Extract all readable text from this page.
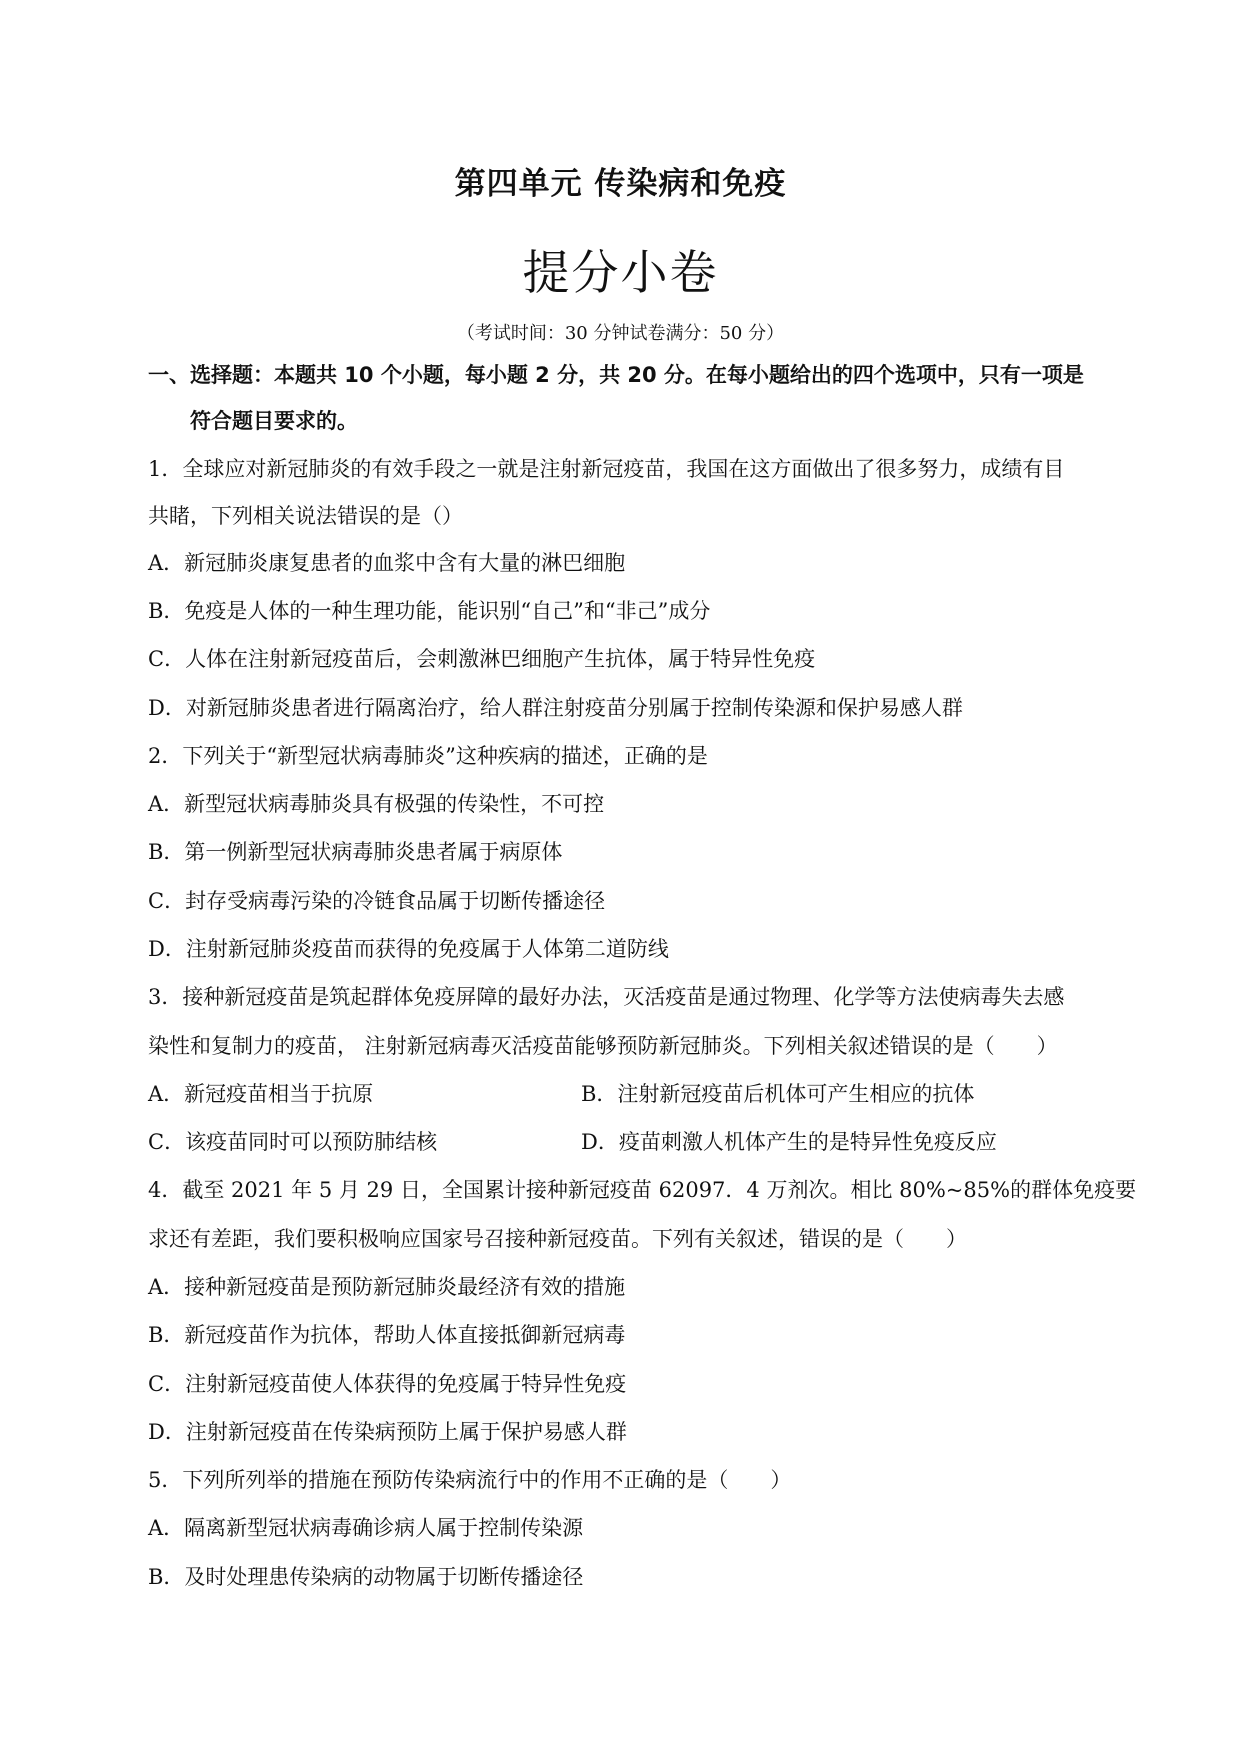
第四单元 传染病和免疫
提分小卷
（考试时间：30 分钟试卷满分：50 分）
一、选择题：本题共 10 个小题，每小题 2 分，共 20 分。在每小题给出的四个选项中，只有一项是
符合题目要求的。
1．全球应对新冠肺炎的有效手段之一就是注射新冠疫苗，我国在这方面做出了很多努力，成绩有目
共睹，下列相关说法错误的是（）
A．新冠肺炎康复患者的血浆中含有大量的淋巴细胞
B．免疫是人体的一种生理功能，能识别“自己”和“非己”成分
C．人体在注射新冠疫苗后，会刺激淋巴细胞产生抗体，属于特异性免疫
D．对新冠肺炎患者进行隔离治疗，给人群注射疫苗分别属于控制传染源和保护易感人群
2．下列关于“新型冠状病毒肺炎”这种疾病的描述，正确的是
A．新型冠状病毒肺炎具有极强的传染性，不可控
B．第一例新型冠状病毒肺炎患者属于病原体
C．封存受病毒污染的冷链食品属于切断传播途径
D．注射新冠肺炎疫苗而获得的免疫属于人体第二道防线
3．接种新冠疫苗是筑起群体免疫屏障的最好办法，灭活疫苗是通过物理、化学等方法使病毒失去感
染性和复制力的疫苗， 注射新冠病毒灭活疫苗能够预防新冠肺炎。下列相关叙述错误的是（　　）
A．新冠疫苗相当于抗原	B．注射新冠疫苗后机体可产生相应的抗体
C．该疫苗同时可以预防肺结核	D．疫苗刺激人机体产生的是特异性免疫反应
4．截至 2021 年 5 月 29 日，全国累计接种新冠疫苗 62097．4 万剂次。相比 80%~85%的群体免疫要
求还有差距，我们要积极响应国家号召接种新冠疫苗。下列有关叙述，错误的是（　　）
A．接种新冠疫苗是预防新冠肺炎最经济有效的措施
B．新冠疫苗作为抗体，帮助人体直接抵御新冠病毒
C．注射新冠疫苗使人体获得的免疫属于特异性免疫
D．注射新冠疫苗在传染病预防上属于保护易感人群
5．下列所列举的措施在预防传染病流行中的作用不正确的是（　　）
A．隔离新型冠状病毒确诊病人属于控制传染源
B．及时处理患传染病的动物属于切断传播途径
